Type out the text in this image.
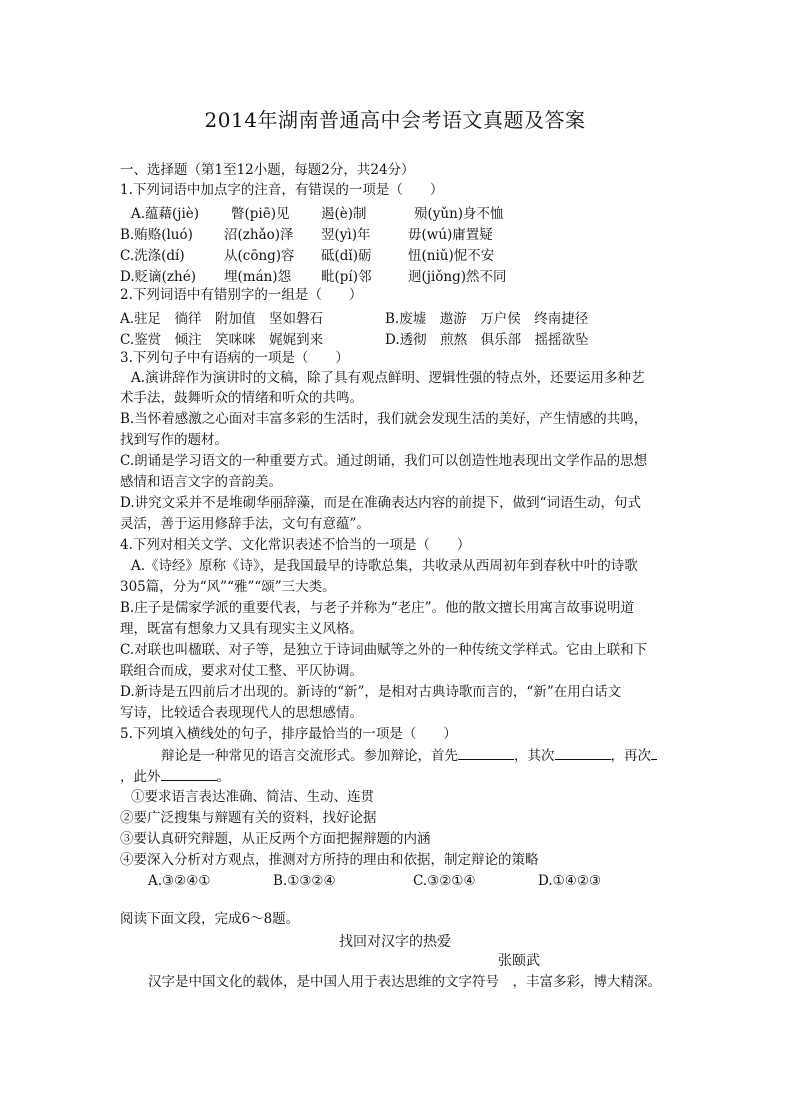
2014年湖南普通高中会考语文真题及答案
一、选择题（第1至12小题，每题2分，共24分）
1.下列词语中加点字的注音，有错误的一项是（　　）
A.蕴藉(jiè) 瞥(piē)见 遏(è)制	殒(yǔn)身不恤
B.贿赂(luó) 沼(zhǎo)泽 翌(yì)年	毋(wú)庸置疑
C.洗涤(dí)	从(cōng)容 砥(dǐ)砺	忸(niǔ)怩不安
D.贬谪(zhé) 埋(mán)怨 毗(pí)邻	迥(jiǒng)然不同
2.下列词语中有错别字的一组是（　　）
A.驻足　徜徉　附加值　坚如磐石	B.废墟　遨游　万户侯　终南捷径
C.鉴赏　倾注　笑咪咪　娓娓到来	D.透彻　煎熬　俱乐部　摇摇欲坠
3.下列句子中有语病的一项是（　　）
A.演讲辞作为演讲时的文稿，除了具有观点鲜明、逻辑性强的特点外，还要运用多种艺
术手法，鼓舞听众的情绪和听众的共鸣。
B.当怀着感激之心面对丰富多彩的生活时，我们就会发现生活的美好，产生情感的共鸣，
找到写作的题材。
C.朗诵是学习语文的一种重要方式。通过朗诵，我们可以创造性地表现出文学作品的思想
感情和语言文字的音韵美。
D.讲究文采并不是堆砌华丽辞藻，而是在准确表达内容的前提下，做到“词语生动，句式
灵活，善于运用修辞手法，文句有意蕴”。
4.下列对相关文学、文化常识表述不恰当的一项是（　　）
A.《诗经》原称《诗》，是我国最早的诗歌总集，共收录从西周初年到春秋中叶的诗歌
305篇，分为“风”“雅”“颂”三大类。
B.庄子是儒家学派的重要代表，与老子并称为“老庄”。他的散文擅长用寓言故事说明道
理，既富有想象力又具有现实主义风格。
C.对联也叫楹联、对子等，是独立于诗词曲赋等之外的一种传统文学样式。它由上联和下
联组合而成，要求对仗工整、平仄协调。
D.新诗是五四前后才出现的。新诗的“新”，是相对古典诗歌而言的，“新”在用白话文
写诗，比较适合表现现代人的思想感情。
5.下列填入横线处的句子，排序最恰当的一项是（　　）
辩论是一种常见的语言交流形式。参加辩论，首先	，其次	，再次
，此外	。
①要求语言表达准确、简洁、生动、连贯
②要广泛搜集与辩题有关的资料，找好论据
③要认真研究辩题，从正反两个方面把握辩题的内涵
④要深入分析对方观点，推测对方所持的理由和依据，制定辩论的策略
A.③②④①	B.①③②④	C.③②①④	D.①④②③
阅读下面文段，完成6～8题。
找回对汉字的热爱
张颐武
汉字是中国文化的载体，是中国人用于表达思维的文字符号　，丰富多彩，博大精深。
